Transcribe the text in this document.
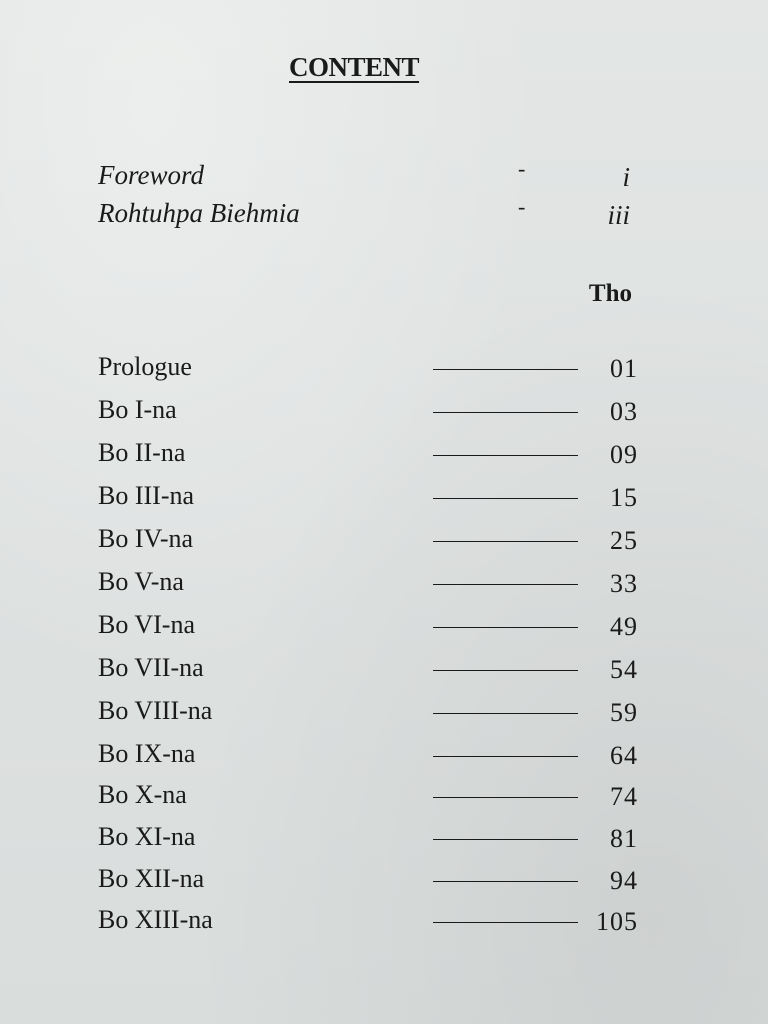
CONTENT
Foreword	-	i
Rohtuhpa Biehmia	-	iii
Tho
Prologue	01
Bo I-na	03
Bo II-na	09
Bo III-na	15
Bo IV-na	25
Bo V-na	33
Bo VI-na	49
Bo VII-na	54
Bo VIII-na	59
Bo IX-na	64
Bo X-na	74
Bo XI-na	81
Bo XII-na	94
Bo XIII-na	105
